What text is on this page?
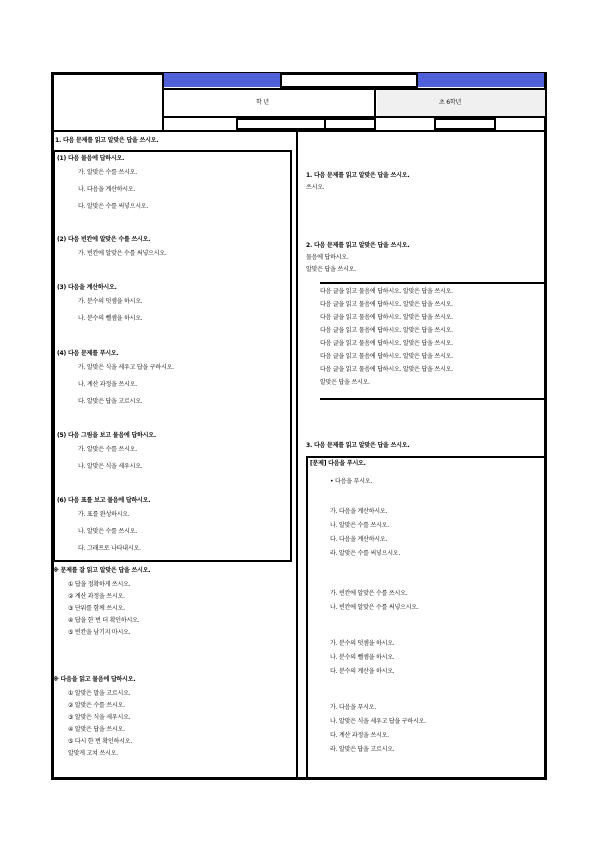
학 년	초 6학년
1. 다음 문제를 읽고 알맞은 답을 쓰시오.
(1) 다음 물음에 답하시오.
가. 알맞은 수를 쓰시오.
나. 다음을 계산하시오.
다. 알맞은 수를 써넣으시오.
(2) 다음 빈칸에 알맞은 수를 쓰시오.
가. 빈칸에 알맞은 수를 써넣으시오.
(3) 다음을 계산하시오.
가. 분수의 덧셈을 하시오.
나. 분수의 뺄셈을 하시오.
(4) 다음 문제를 푸시오.
가. 알맞은 식을 세우고 답을 구하시오.
나. 계산 과정을 쓰시오.
다. 알맞은 답을 고르시오.
(5) 다음 그림을 보고 물음에 답하시오.
가. 알맞은 수를 쓰시오.
나. 알맞은 식을 세우시오.
(6) 다음 표를 보고 물음에 답하시오.
가. 표를 완성하시오.
나. 알맞은 수를 쓰시오.
다. 그래프로 나타내시오.
※ 문제를 잘 읽고 알맞은 답을 쓰시오.
① 답을 정확하게 쓰시오.
② 계산 과정을 쓰시오.
③ 단위를 함께 쓰시오.
④ 답을 한 번 더 확인하시오.
⑤ 빈칸을 남기지 마시오.
※ 다음을 읽고 물음에 답하시오.
① 알맞은 말을 고르시오.
② 알맞은 수를 쓰시오.
③ 알맞은 식을 세우시오.
④ 알맞은 답을 쓰시오.
⑤ 다시 한 번 확인하시오.
알맞게 고쳐 쓰시오.
1. 다음 문제를 읽고 알맞은 답을 쓰시오.
쓰시오.
2. 다음 문제를 읽고 알맞은 답을 쓰시오.
물음에 답하시오.
알맞은 답을 쓰시오.
다음 글을 읽고 물음에 답하시오. 알맞은 답을 쓰시오.
다음 글을 읽고 물음에 답하시오. 알맞은 답을 쓰시오.
다음 글을 읽고 물음에 답하시오. 알맞은 답을 쓰시오.
다음 글을 읽고 물음에 답하시오. 알맞은 답을 쓰시오.
다음 글을 읽고 물음에 답하시오. 알맞은 답을 쓰시오.
다음 글을 읽고 물음에 답하시오. 알맞은 답을 쓰시오.
다음 글을 읽고 물음에 답하시오. 알맞은 답을 쓰시오.
알맞은 답을 쓰시오.
3. 다음 문제를 읽고 알맞은 답을 쓰시오.
[문제] 다음을 푸시오.
• 다음을 푸시오.
가. 다음을 계산하시오.
나. 알맞은 수를 쓰시오.
다. 다음을 계산하시오.
라. 알맞은 수를 써넣으시오.
가. 빈칸에 알맞은 수를 쓰시오.
나. 빈칸에 알맞은 수를 써넣으시오.
가. 분수의 덧셈을 하시오.
나. 분수의 뺄셈을 하시오.
다. 분수의 계산을 하시오.
가. 다음을 푸시오.
나. 알맞은 식을 세우고 답을 구하시오.
다. 계산 과정을 쓰시오.
라. 알맞은 답을 고르시오.
